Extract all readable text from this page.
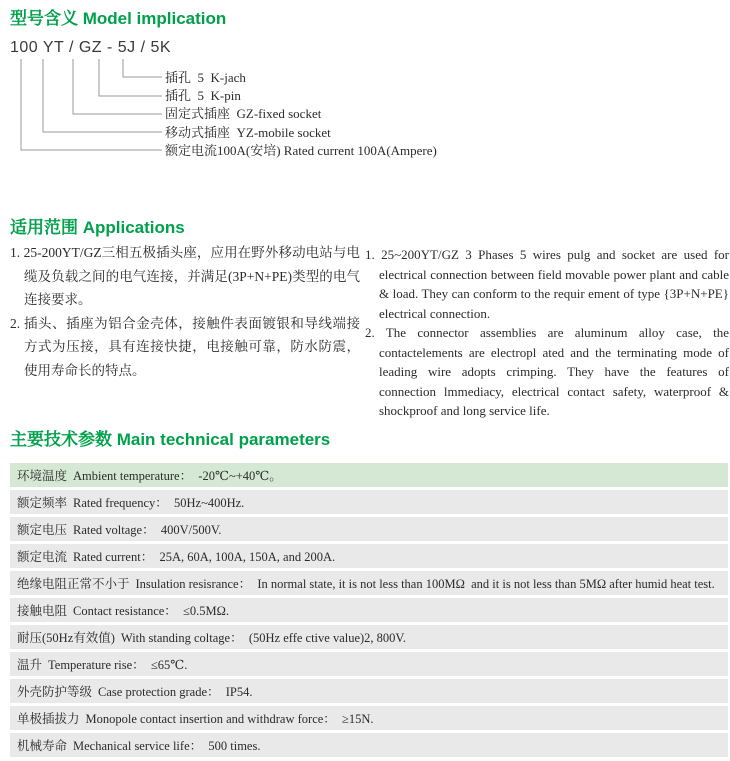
型号含义 Model implication
100 YT / GZ - 5J / 5K
插孔  5  K-jach
插孔  5  K-pin
固定式插座  GZ-fixed socket
移动式插座  YZ-mobile socket
额定电流100A(安培) Rated current 100A(Ampere)
适用范围 Applications

1. 25-200YT/GZ三相五极插头座，应用在野外移动电站与电缆及负载之间的电气连接，并满足(3P+N+PE)类型的电气连接要求。

2. 插头、插座为铝合金壳体，接触件表面镀银和导线端接方式为压接，具有连接快捷，电接触可靠，防水防震，使用寿命长的特点。

1. 25~200YT/GZ 3 Phases 5 wires pulg and socket are used for electrical connection between field movable power plant and cable & load. They can conform to the requir ement of type {3P+N+PE} electrical connection.

2. The connector assemblies are aluminum alloy case, the contactelements are electropl ated and the terminating mode of leading wire adopts crimping. They have the features of connection lmmediacy, electrical contact safety, waterproof & shockproof and long service life.

主要技术参数 Main technical parameters
环境温度 Ambient temperature：  -20℃~+40℃。
额定频率 Rated frequency：  50Hz~400Hz.
额定电压 Rated voltage：  400V/500V.
额定电流 Rated current：  25A, 60A, 100A, 150A, and 200A.
绝缘电阻正常不小于 Insulation resisrance：  In normal state, it is not less than 100MΩ  and it is not less than 5MΩ after humid heat test.
接触电阻 Contact resistance：  ≤0.5MΩ.
耐压(50Hz有效值) With standing coltage：  (50Hz effe ctive value)2, 800V.
温升 Temperature rise：  ≤65℃.
外壳防护等级 Case protection grade：  IP54.
单极插拔力 Monopole contact insertion and withdraw force：  ≥15N.
机械寿命 Mechanical service life：  500 times.
